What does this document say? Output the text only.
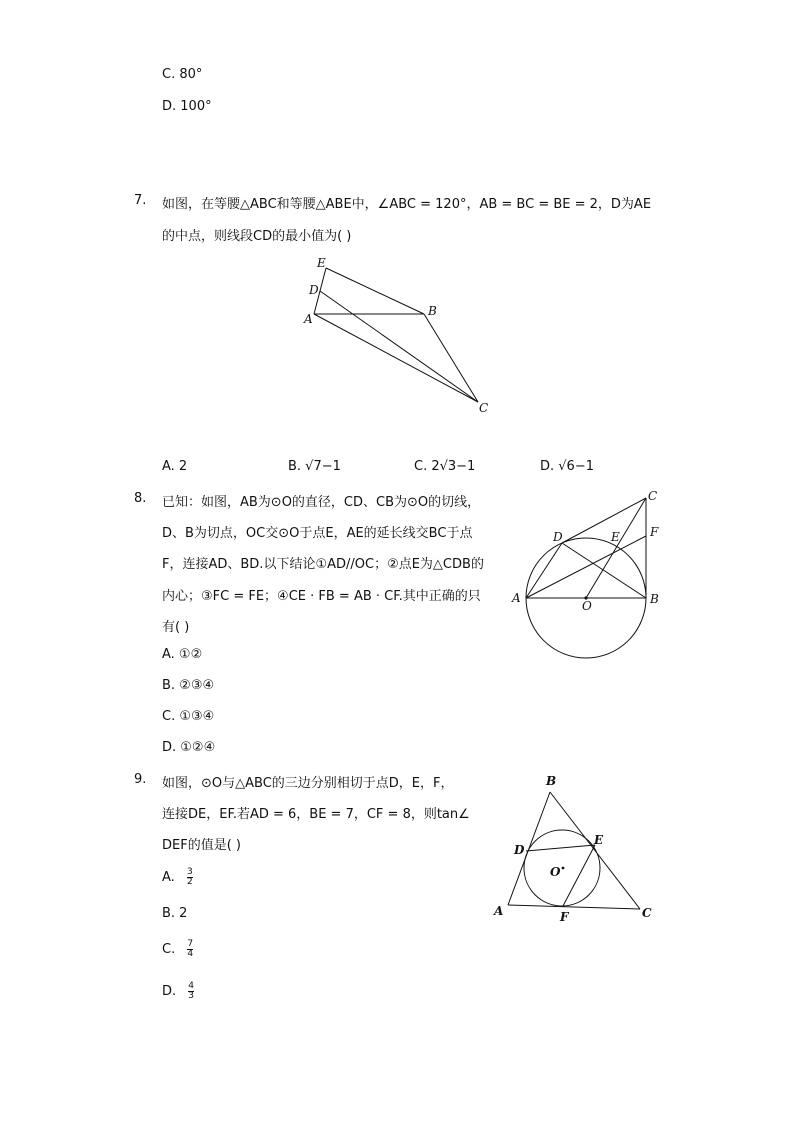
C. 80°
D. 100°
7. 如图，在等腰△ABC和等腰△ABE中，∠ABC = 120°，AB = BC = BE = 2，D为AE
的中点，则线段CD的最小值为( )
E
D
A
B
C
A. 2	B. √7−1	C. 2√3−1	D. √6−1
8. 已知：如图，AB为⊙O的直径，CD、CB为⊙O的切线，
D、B为切点，OC交⊙O于点E，AE的延长线交BC于点
F，连接AD、BD.以下结论①AD//OC；②点E为△CDB的
内心；③FC = FE；④CE · FB = AB · CF.其中正确的只
有( )
C
D	E	F
A
O	B
A. ①②
B. ②③④
C. ①③④
D. ①②④
9. 如图，⊙O与△ABC的三边分别相切于点D，E，F，
连接DE，EF.若AD = 6，BE = 7，CF = 8，则tan∠
DEF的值是( )
B
D
E
O
A	F	C
A. $\frac{3}{2}$
B. 2
C. $\frac{7}{4}$
D. $\frac{4}{3}$
